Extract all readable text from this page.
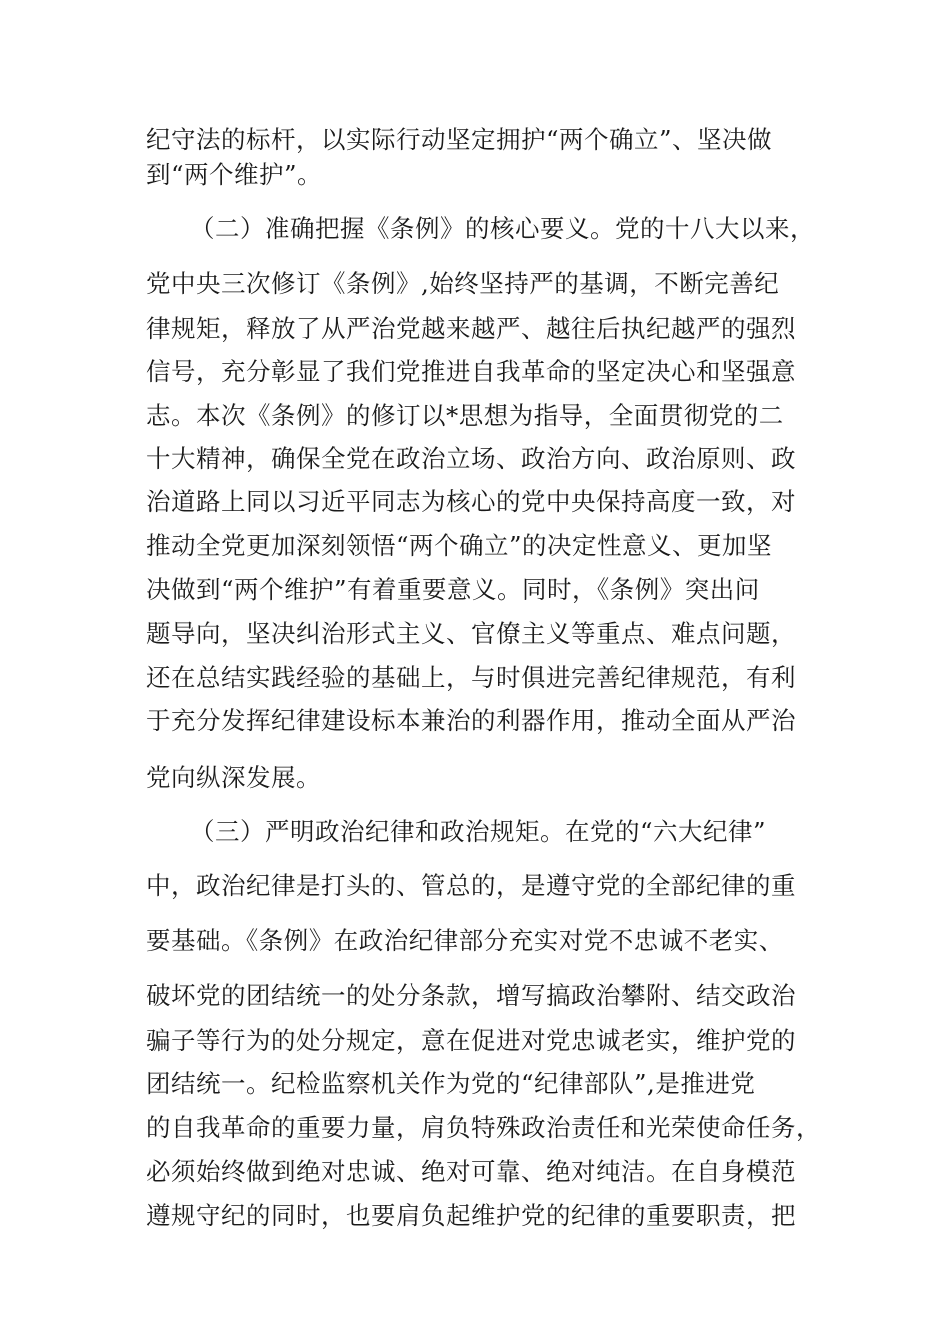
纪守法的标杆，以实际行动坚定拥护“两个确立”、坚决做
到“两个维护”。
（二）准确把握《条例》的核心要义。党的十八大以来，
党中央三次修订《条例》,始终坚持严的基调，不断完善纪
律规矩，释放了从严治党越来越严、越往后执纪越严的强烈
信号，充分彰显了我们党推进自我革命的坚定决心和坚强意
志。本次《条例》的修订以*思想为指导，全面贯彻党的二
十大精神，确保全党在政治立场、政治方向、政治原则、政
治道路上同以习近平同志为核心的党中央保持高度一致，对
推动全党更加深刻领悟“两个确立”的决定性意义、更加坚
决做到“两个维护”有着重要意义。同时，《条例》突出问
题导向，坚决纠治形式主义、官僚主义等重点、难点问题，
还在总结实践经验的基础上，与时俱进完善纪律规范，有利
于充分发挥纪律建设标本兼治的利器作用，推动全面从严治
党向纵深发展。
（三）严明政治纪律和政治规矩。在党的“六大纪律”
中，政治纪律是打头的、管总的，是遵守党的全部纪律的重
要基础。《条例》在政治纪律部分充实对党不忠诚不老实、
破坏党的团结统一的处分条款，增写搞政治攀附、结交政治
骗子等行为的处分规定，意在促进对党忠诚老实，维护党的
团结统一。纪检监察机关作为党的“纪律部队”,是推进党
的自我革命的重要力量，肩负特殊政治责任和光荣使命任务，
必须始终做到绝对忠诚、绝对可靠、绝对纯洁。在自身模范
遵规守纪的同时，也要肩负起维护党的纪律的重要职责，把
